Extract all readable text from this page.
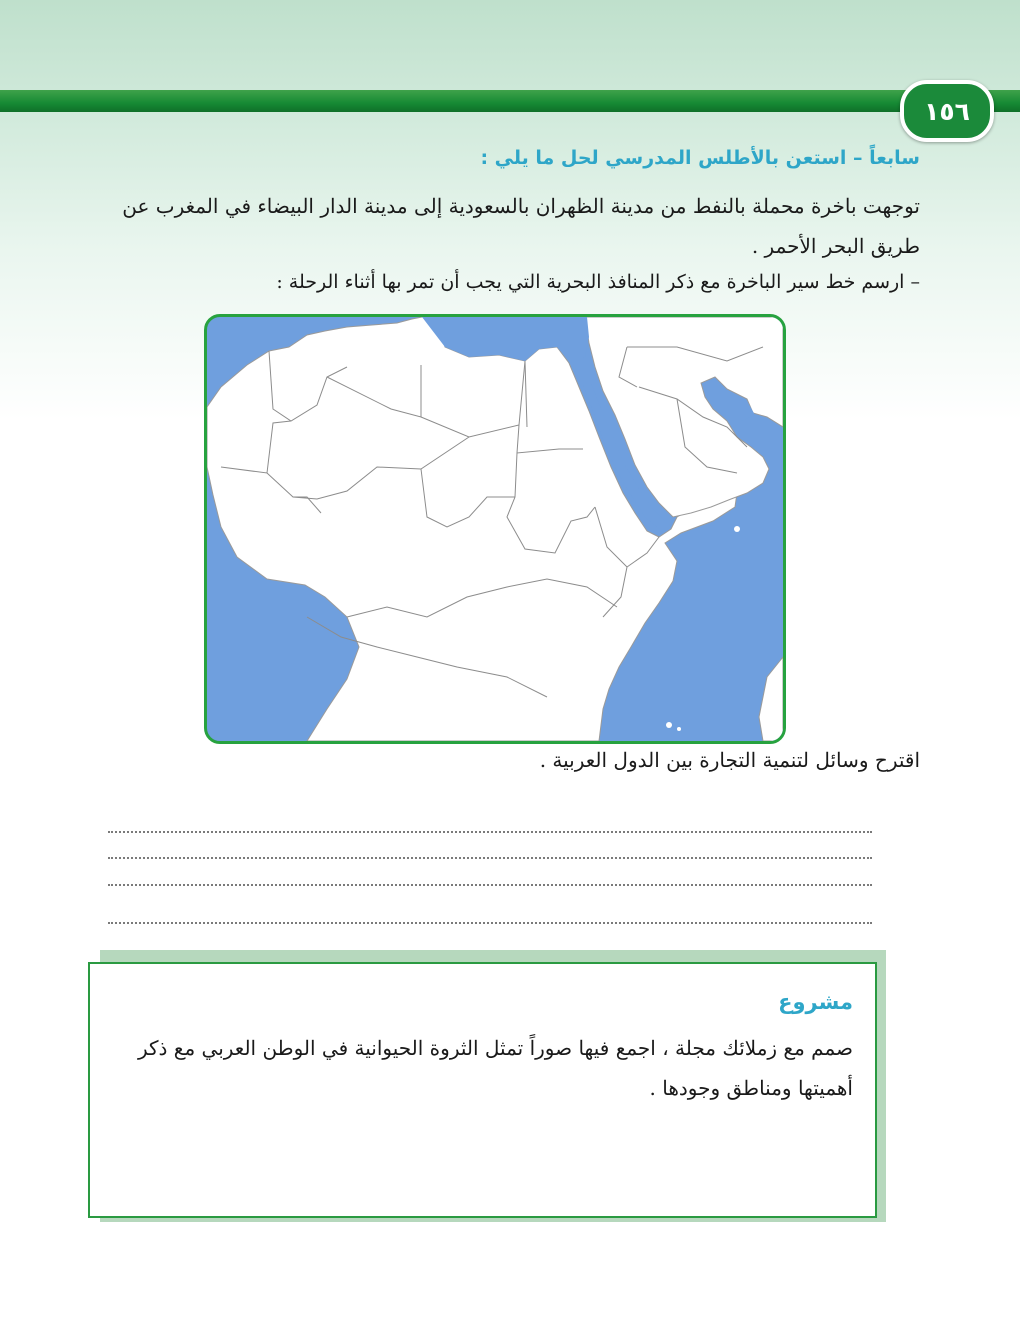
١٥٦
سابعاً – استعن بالأطلس المدرسي لحل ما يلي :
توجهت باخرة محملة بالنفط من مدينة الظهران بالسعودية إلى مدينة الدار البيضاء في المغرب عن طريق البحر الأحمر .
– ارسم خط سير الباخرة مع ذكر المنافذ البحرية التي يجب أن تمر بها أثناء الرحلة :
اقترح وسائل لتنمية التجارة بين الدول العربية .
مشروع
صمم مع زملائك مجلة ، اجمع فيها صوراً تمثل الثروة الحيوانية في الوطن العربي مع ذكر أهميتها ومناطق وجودها .
